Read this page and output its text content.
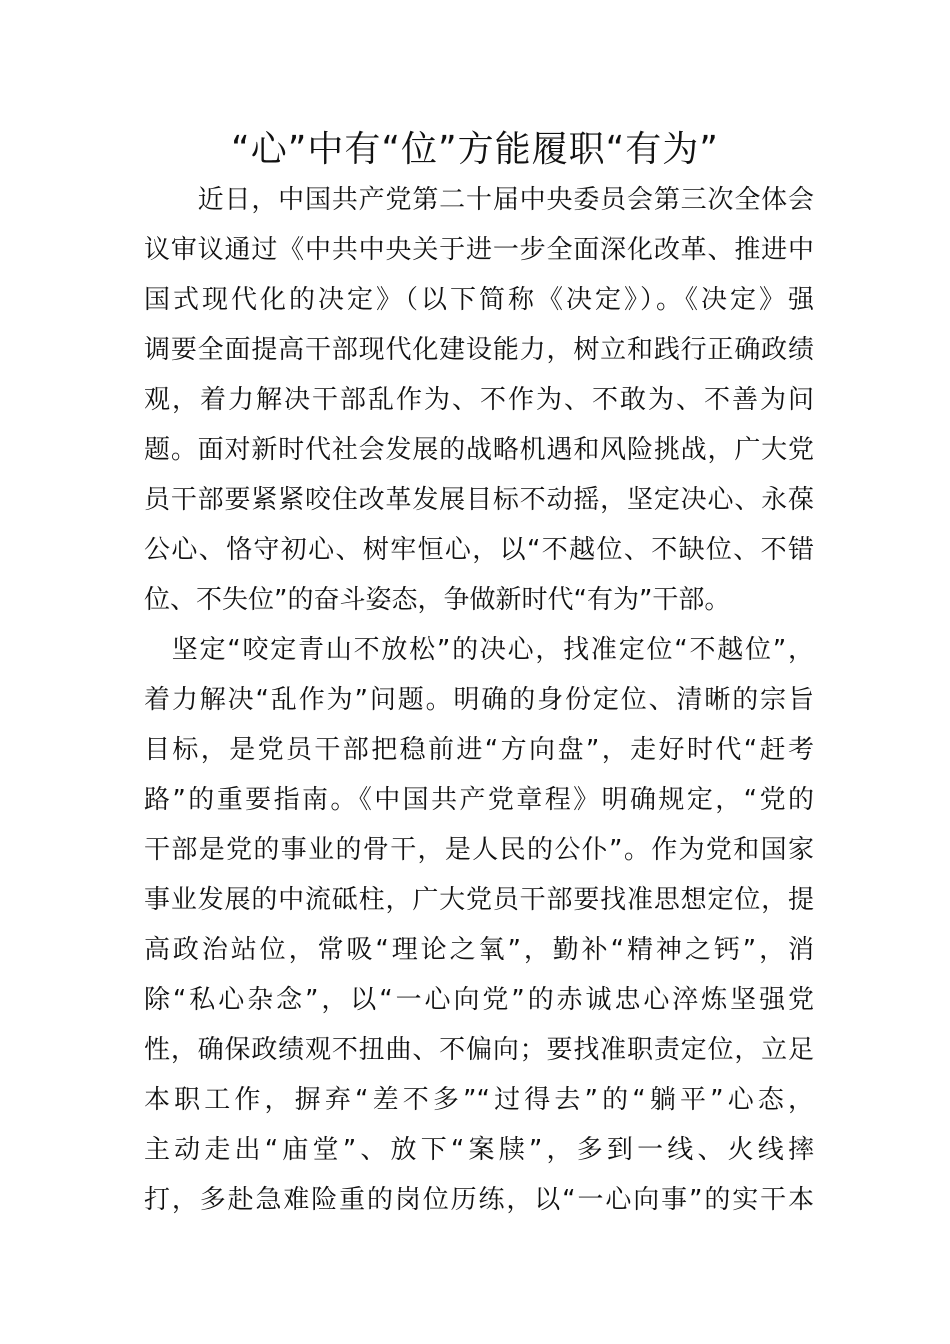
“心”中有“位”方能履职“有为”
　　近日，中国共产党第二十届中央委员会第三次全体会
议审议通过《中共中央关于进一步全面深化改革、推进中
国式现代化的决定》（以下简称《决定》）。《决定》强
调要全面提高干部现代化建设能力，树立和践行正确政绩
观，着力解决干部乱作为、不作为、不敢为、不善为问
题。面对新时代社会发展的战略机遇和风险挑战，广大党
员干部要紧紧咬住改革发展目标不动摇，坚定决心、永葆
公心、恪守初心、树牢恒心，以“不越位、不缺位、不错
位、不失位”的奋斗姿态，争做新时代“有为”干部。
　坚定“咬定青山不放松”的决心，找准定位“不越位”，
着力解决“乱作为”问题。明确的身份定位、清晰的宗旨
目标，是党员干部把稳前进“方向盘”，走好时代“赶考
路”的重要指南。《中国共产党章程》明确规定，“党的
干部是党的事业的骨干，是人民的公仆”。作为党和国家
事业发展的中流砥柱，广大党员干部要找准思想定位，提
高政治站位，常吸“理论之氧”，勤补“精神之钙”，消
除“私心杂念”，以“一心向党”的赤诚忠心淬炼坚强党
性，确保政绩观不扭曲、不偏向；要找准职责定位，立足
本职工作，摒弃“差不多”“过得去”的“躺平”心态，
主动走出“庙堂”、放下“案牍”，多到一线、火线摔
打，多赴急难险重的岗位历练，以“一心向事”的实干本
